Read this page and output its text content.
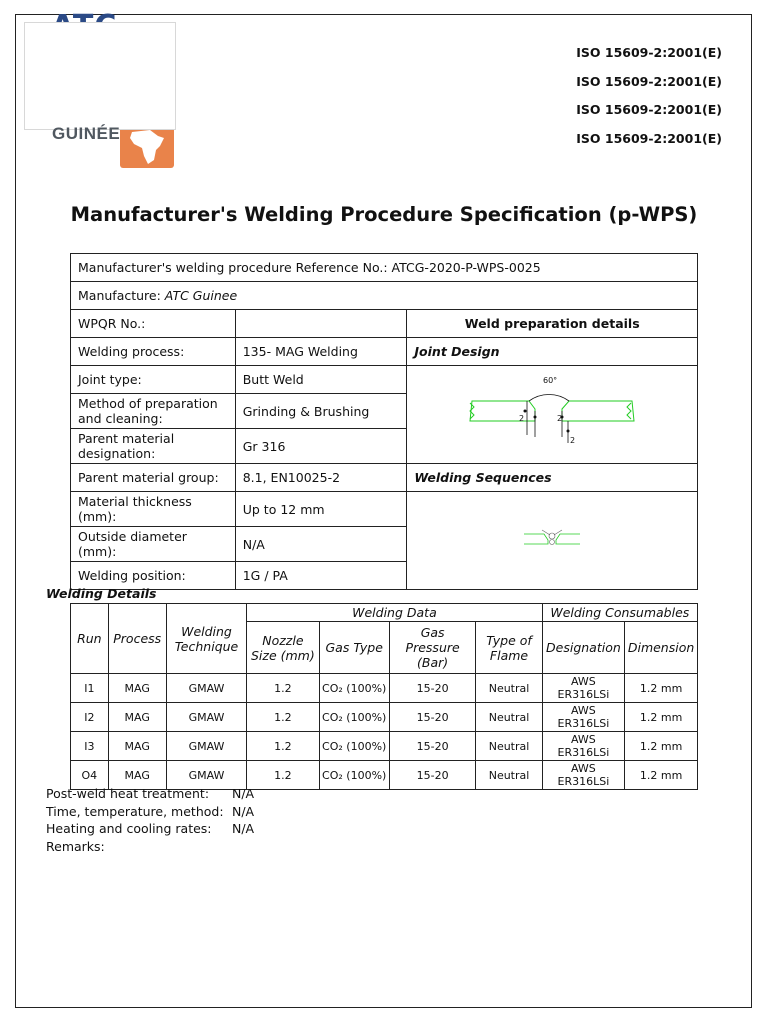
GUINÉE
ISO 15609-2:2001(E)
ISO 15609-2:2001(E)
ISO 15609-2:2001(E)
ISO 15609-2:2001(E)
Manufacturer's Welding Procedure Specification (p-WPS)
Manufacturer's welding procedure Reference No.: ATCG-2020-P-WPS-0025		
Manufacture: ATC Guinee		
WPQR No.:		Weld preparation details
Welding process:	135- MAG Welding	Joint Design
Joint type:	Butt Weld	60°
2 2
2

Method of preparation and cleaning:	Grinding & Brushing	
Parent material designation:	Gr 316	
Parent material group:	8.1, EN10025-2	Welding Sequences
Material thickness (mm):	Up to 12 mm	
Outside diameter (mm):	N/A	
Welding position:	1G / PA	
Welding Details
Run	Process	Welding Technique	Welding Data				Welding Consumables	
			Nozzle Size (mm)	Gas Type	Gas Pressure (Bar)	Type of Flame	Designation	Dimension
I1	MAG	GMAW	1.2	CO₂ (100%)	15-20	Neutral	AWS ER316LSi	1.2 mm
I2	MAG	GMAW	1.2	CO₂ (100%)	15-20	Neutral	AWS ER316LSi	1.2 mm
I3	MAG	GMAW	1.2	CO₂ (100%)	15-20	Neutral	AWS ER316LSi	1.2 mm
O4	MAG	GMAW	1.2	CO₂ (100%)	15-20	Neutral	AWS ER316LSi	1.2 mm
Post-weld heat treatment: N/A
Time, temperature, method: N/A
Heating and cooling rates: N/A
Remarks:
